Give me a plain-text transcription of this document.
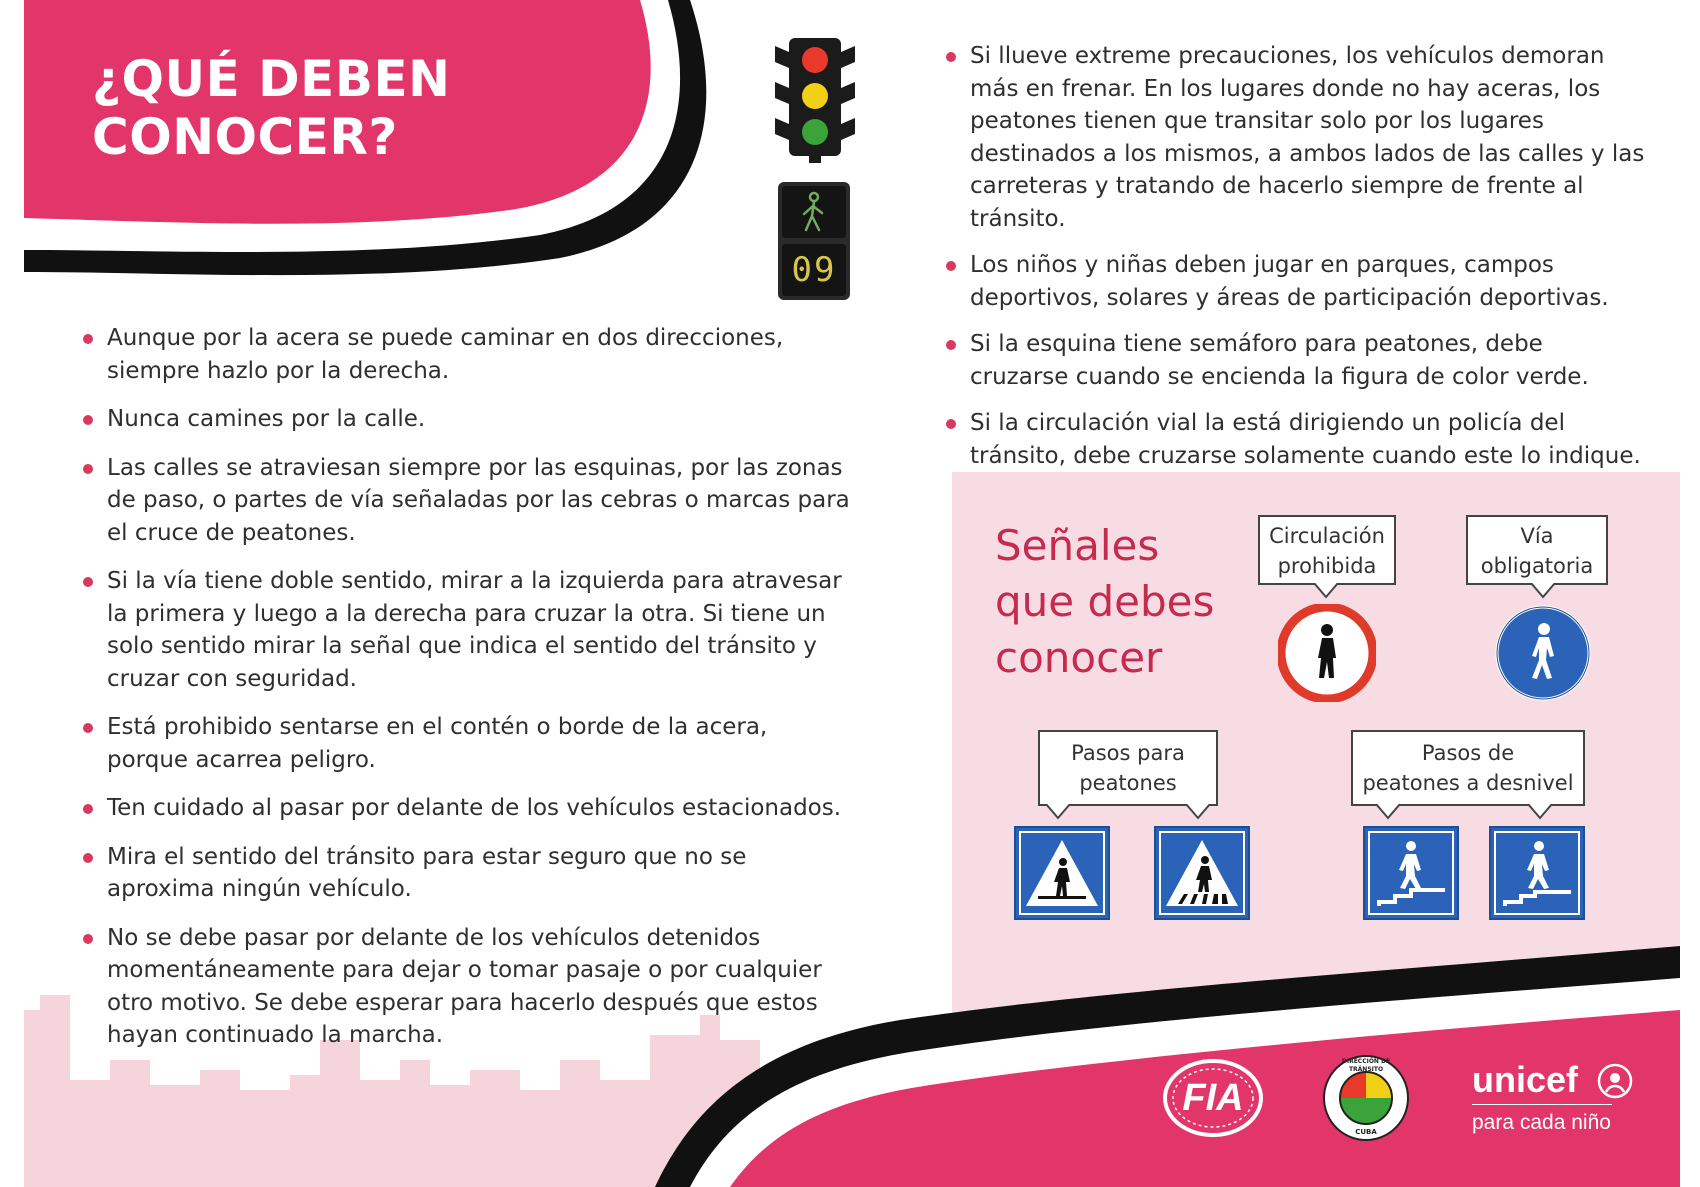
¿QUÉ DEBEN
CONOCER?
09
Aunque por la acera se puede caminar en dos direcciones, siempre hazlo por la derecha.
Nunca camines por la calle.
Las calles se atraviesan siempre por las esquinas, por las zonas de paso, o partes de vía señaladas por las cebras o marcas para el cruce de peatones.
Si la vía tiene doble sentido, mirar a la izquierda para atravesar la primera y luego a la derecha para cruzar la otra. Si tiene un solo sentido mirar la señal que indica el sentido del tránsito y cruzar con seguridad.
Está prohibido sentarse en el contén o borde de la acera, porque acarrea peligro.
Ten cuidado al pasar por delante de los vehículos estacionados.
Mira el sentido del tránsito para estar seguro que no se aproxima ningún vehículo.
No se debe pasar por delante de los vehículos detenidos momentáneamente para dejar o tomar pasaje o por cualquier otro motivo. Se debe esperar para hacerlo después que estos hayan continuado la marcha.
Si llueve extreme precauciones, los vehículos demoran más en frenar. En los lugares donde no hay aceras, los peatones tienen que transitar solo por los lugares destinados a los mismos, a ambos lados de las calles y las carreteras y tratando de hacerlo siempre de frente al tránsito.
Los niños y niñas deben jugar en parques, campos deportivos, solares y áreas de participación deportivas.
Si la esquina tiene semáforo para peatones, debe cruzarse cuando se encienda la figura de color verde.
Si la circulación vial la está dirigiendo un policía del tránsito, debe cruzarse solamente cuando este lo indique.
Señales
que debes
conocer
Circulación
prohibida
Vía
obligatoria
Pasos para
peatones
Pasos de
peatones a desnivel
FIA
DIRECCIÓN DE TRÁNSITO
CUBA
unicef
para cada niño
